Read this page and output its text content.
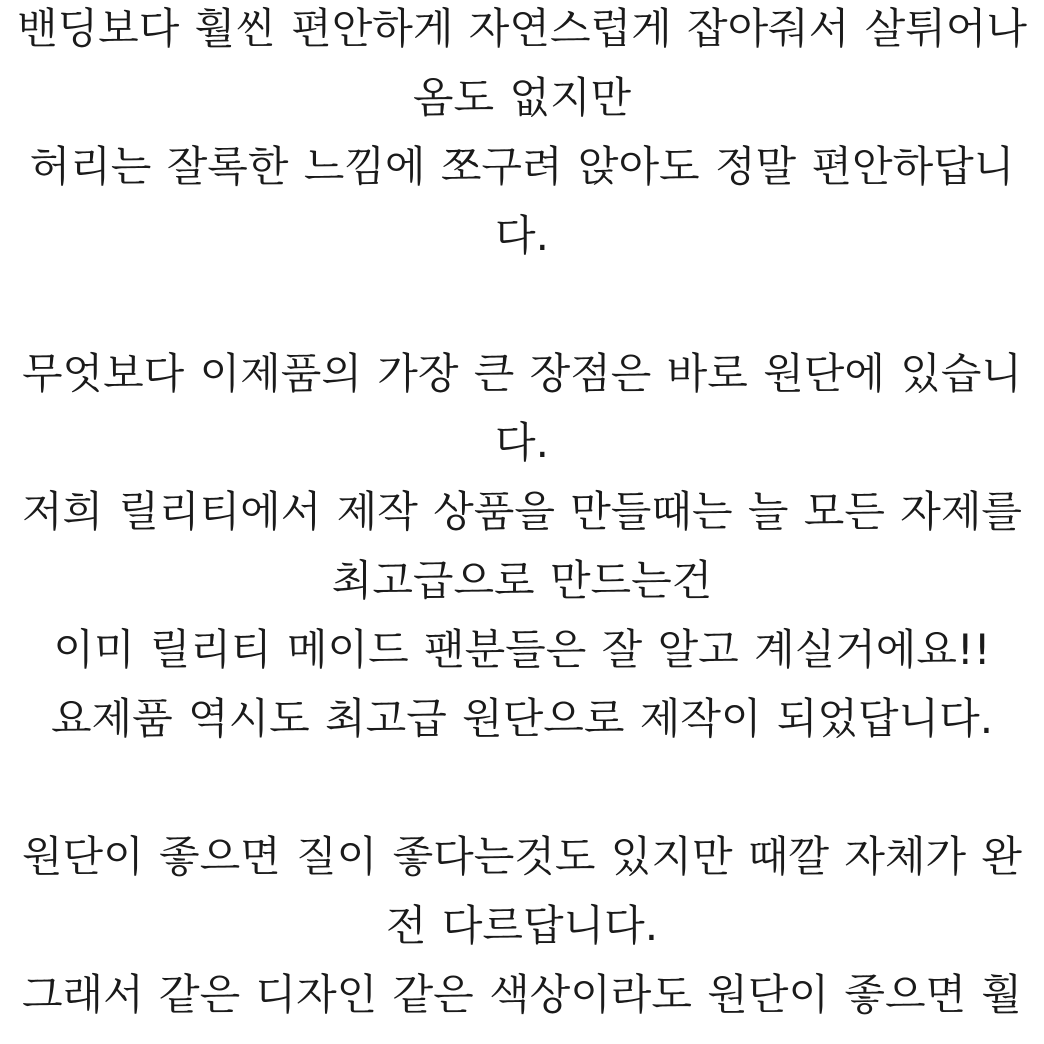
밴딩보다 훨씬 편안하게 자연스럽게 잡아줘서 살튀어나
옴도 없지만
허리는 잘록한 느낌에 쪼구려 앉아도 정말 편안하답니
다.
무엇보다 이제품의 가장 큰 장점은 바로 원단에 있습니
다.
저희 릴리티에서 제작 상품을 만들때는 늘 모든 자제를
최고급으로 만드는건
이미 릴리티 메이드 팬분들은 잘 알고 계실거에요!!
요제품 역시도 최고급 원단으로 제작이 되었답니다.
원단이 좋으면 질이 좋다는것도 있지만 때깔 자체가 완
전 다르답니다.
그래서 같은 디자인 같은 색상이라도 원단이 좋으면 훨
